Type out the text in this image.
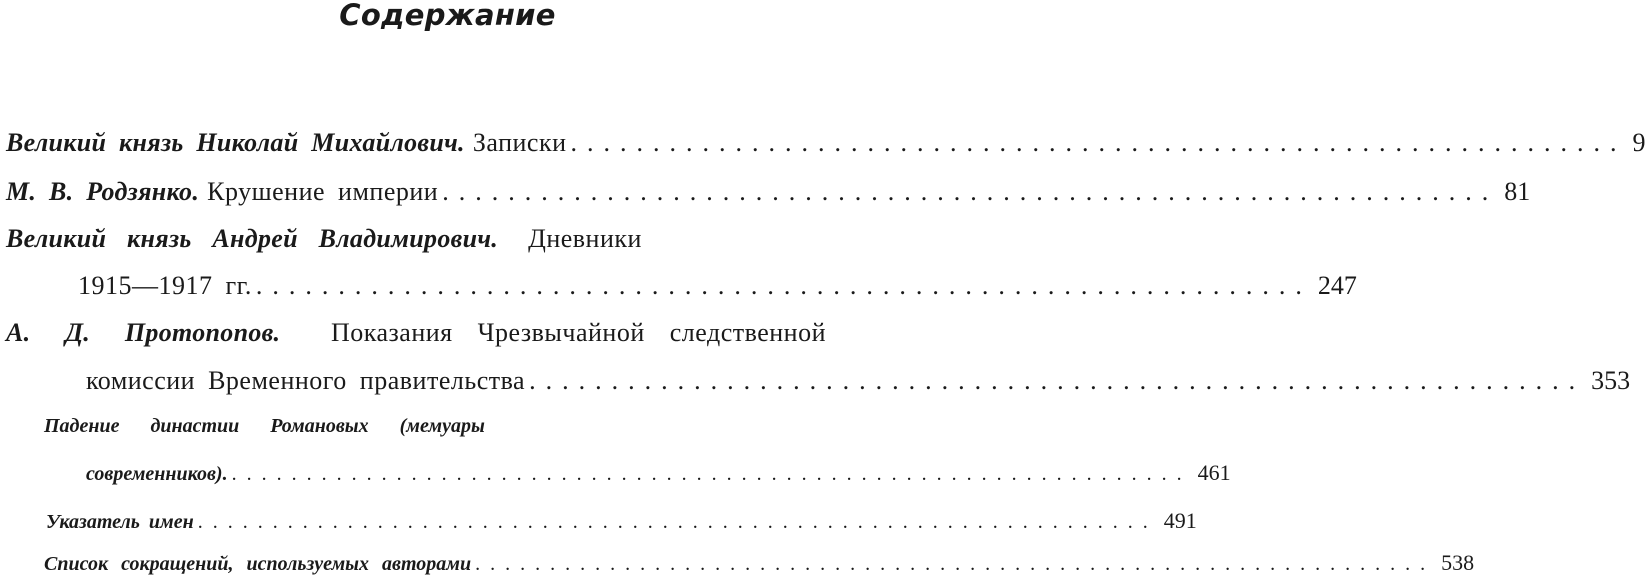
Содержание
Великий князь Николай Михайлович. Записки ................................................................ 9
М. В. Родзянко. Крушение империи ................................................................ 81
Великий князь Андрей Владимирович. Дневники
1915—1917 гг. ................................................................ 247
А. Д. Протопопов. Показания Чрезвычайной следственной
комиссии Временного правительства ................................................................ 353
Падение династии Романовых (мемуары
современников). ................................................................ 461
Указатель имен ................................................................ 491
Список сокращений, используемых авторами ................................................................ 538
